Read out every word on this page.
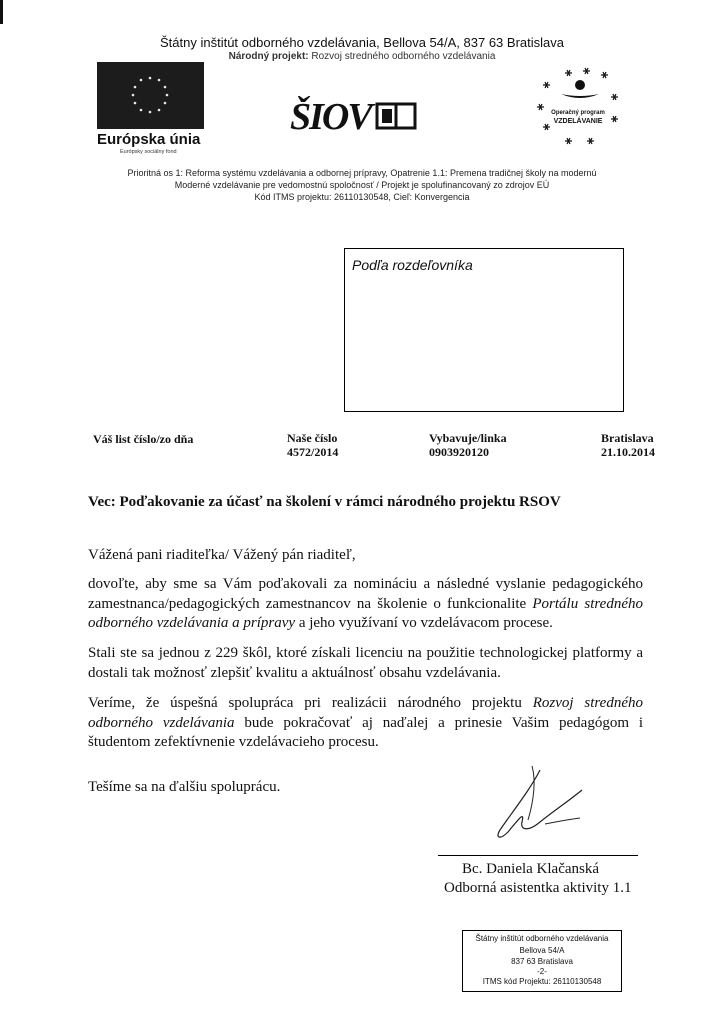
Štátny inštitút odborného vzdelávania, Bellova 54/A, 837 63 Bratislava
Národný projekt: Rozvoj stredného odborného vzdelávania
Európska únia
Európsky sociálny fond
ŠIOV	Operačný program
VZDELÁVANIE
Prioritná os 1: Reforma systému vzdelávania a odbornej prípravy, Opatrenie 1.1: Premena tradičnej školy na modernú
Moderné vzdelávanie pre vedomostnú spoločnosť / Projekt je spolufinancovaný zo zdrojov EÚ
Kód ITMS projektu: 26110130548, Cieľ: Konvergencia
Podľa rozdeľovníka
Váš list číslo/zo dňa	Naše číslo
4572/2014
Vybavuje/linka
0903920120
Bratislava
21.10.2014
Vec: Poďakovanie za účasť na školení v rámci národného projektu RSOV
Vážená pani riaditeľka/ Vážený pán riaditeľ,
dovoľte, aby sme sa Vám poďakovali za nomináciu a následné vyslanie pedagogického zamestnanca/pedagogických zamestnancov na školenie o funkcionalite Portálu stredného odborného vzdelávania a prípravy a jeho využívaní vo vzdelávacom procese.
Stali ste sa jednou z 229 škôl, ktoré získali licenciu na použitie technologickej platformy a dostali tak možnosť zlepšiť kvalitu a aktuálnosť obsahu vzdelávania.
Veríme, že úspešná spolupráca pri realizácii národného projektu Rozvoj stredného odborného vzdelávania bude pokračovať aj naďalej a prinesie Vašim pedagógom i študentom zefektívnenie vzdelávacieho procesu.
Tešíme sa na ďalšiu spoluprácu.
Bc. Daniela Klačanská
Odborná asistentka aktivity 1.1
Štátny inštitút odborného vzdelávania
Bellova 54/A
837 63 Bratislava
-2-
ITMS kód Projektu: 26110130548
